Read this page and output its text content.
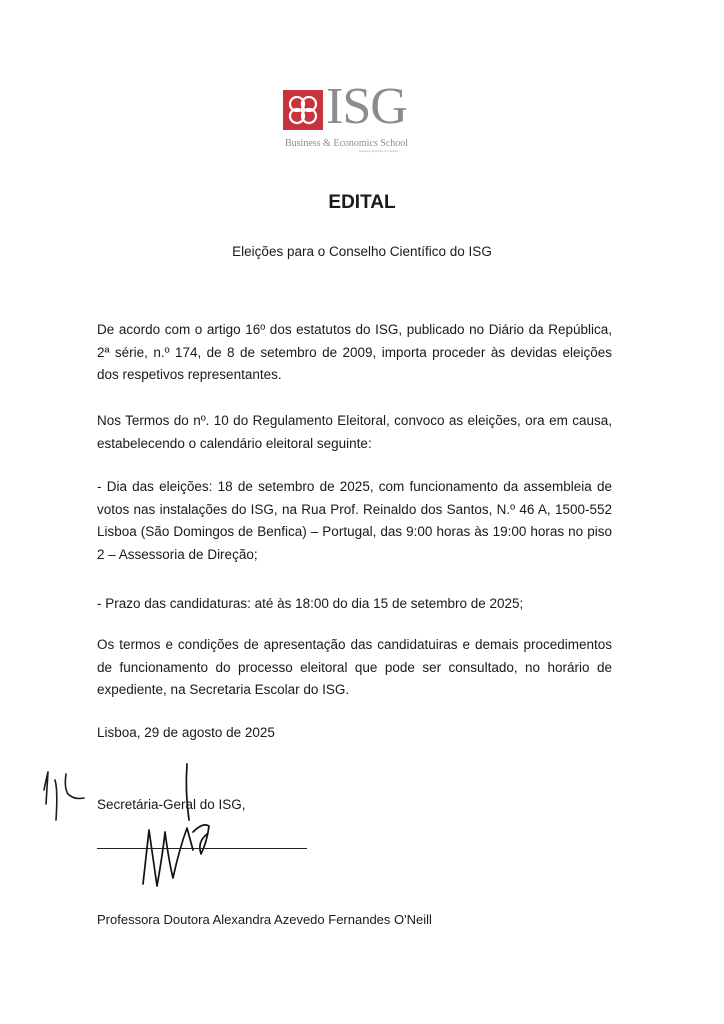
ISG
Business & Economics School
Instituto Superior de Gestão
EDITAL
Eleições para o Conselho Científico do ISG
De acordo com o artigo 16º dos estatutos do ISG, publicado no Diário da República, 2ª série, n.º 174, de 8 de setembro de 2009, importa proceder às devidas eleições dos respetivos representantes.
Nos Termos do nº. 10 do Regulamento Eleitoral, convoco as eleições, ora em causa, estabelecendo o calendário eleitoral seguinte:
- Dia das eleições: 18 de setembro de 2025, com funcionamento da assembleia de votos nas instalações do ISG, na Rua Prof. Reinaldo dos Santos, N.º 46 A, 1500-552 Lisboa (São Domingos de Benfica) – Portugal, das 9:00 horas às 19:00 horas no piso 2 – Assessoria de Direção;
- Prazo das candidaturas: até às 18:00 do dia 15 de setembro de 2025;
Os termos e condições de apresentação das candidatuiras e demais procedimentos de funcionamento do processo eleitoral que pode ser consultado, no horário de expediente, na Secretaria Escolar do ISG.
Lisboa, 29 de agosto de 2025
Secretária-Geral do ISG,
Professora Doutora Alexandra Azevedo Fernandes O'Neill
